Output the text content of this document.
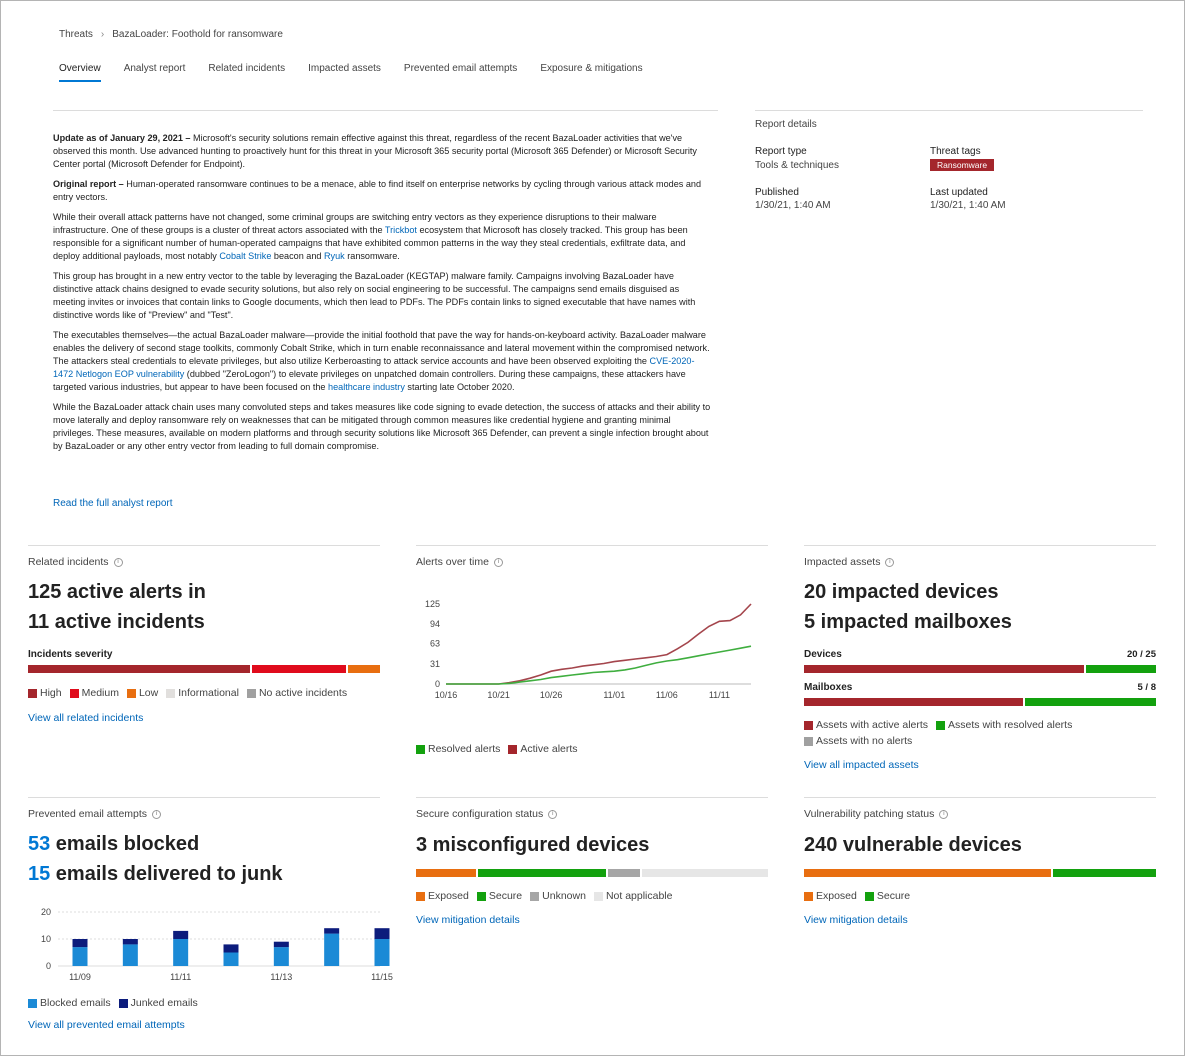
Threats › BazaLoader: Foothold for ransomware
Overview Analyst report Related incidents Impacted assets Prevented email attempts Exposure & mitigations

Update as of January 29, 2021 – Microsoft's security solutions remain effective against this threat, regardless of the recent BazaLoader activities that we've observed this month. Use advanced hunting to proactively hunt for this threat in your Microsoft 365 security portal (Microsoft 365 Defender) or Microsoft Security Center portal (Microsoft Defender for Endpoint).

Original report – Human-operated ransomware continues to be a menace, able to find itself on enterprise networks by cycling through various attack modes and entry vectors.

While their overall attack patterns have not changed, some criminal groups are switching entry vectors as they experience disruptions to their malware infrastructure. One of these groups is a cluster of threat actors associated with the Trickbot ecosystem that Microsoft has closely tracked. This group has been responsible for a significant number of human-operated campaigns that have exhibited common patterns in the way they steal credentials, exfiltrate data, and deploy additional payloads, most notably Cobalt Strike beacon and Ryuk ransomware.

This group has brought in a new entry vector to the table by leveraging the BazaLoader (KEGTAP) malware family. Campaigns involving BazaLoader have distinctive attack chains designed to evade security solutions, but also rely on social engineering to be successful. The campaigns send emails disguised as meeting invites or invoices that contain links to Google documents, which then lead to PDFs. The PDFs contain links to signed executable that have names with distinctive words like of "Preview" and "Test".

The executables themselves—the actual BazaLoader malware—provide the initial foothold that pave the way for hands-on-keyboard activity. BazaLoader malware enables the delivery of second stage toolkits, commonly Cobalt Strike, which in turn enable reconnaissance and lateral movement within the compromised network. The attackers steal credentials to elevate privileges, but also utilize Kerberoasting to attack service accounts and have been observed exploiting the CVE-2020-1472 Netlogon EOP vulnerability (dubbed "ZeroLogon") to elevate privileges on unpatched domain controllers. During these campaigns, these attackers have targeted various industries, but appear to have been focused on the healthcare industry starting late October 2020.

While the BazaLoader attack chain uses many convoluted steps and takes measures like code signing to evade detection, the success of attacks and their ability to move laterally and deploy ransomware rely on weaknesses that can be mitigated through common measures like credential hygiene and granting minimal privileges. These measures, available on modern platforms and through security solutions like Microsoft 365 Defender, can prevent a single infection brought about by BazaLoader or any other entry vector from leading to full domain compromise.

Read the full analyst report
Report details
Report type
Tools & techniques
Threat tags
Ransomware
Published
1/30/21, 1:40 AM
Last updated
1/30/21, 1:40 AM
Related incidents	i
125 active alerts in
11 active incidents
Incidents severity
High Medium Low Informational No active incidents
View all related incidents
Alerts over time	i
0
31
63
94
125
10/16	10/21	10/26	11/01	11/06	11/11
Resolved alerts Active alerts
Impacted assets	i
20 impacted devices
5 impacted mailboxes
Devices	20 / 25
Mailboxes	5 / 8
Assets with active alerts Assets with resolved alerts
Assets with no alerts
View all impacted assets
Prevented email attempts	i
53 emails blocked
15 emails delivered to junk
0
10
20
11/09	11/11	11/13	11/15
Blocked emails Junked emails
View all prevented email attempts
Secure configuration status	i
3 misconfigured devices
Exposed Secure Unknown Not applicable
View mitigation details
Vulnerability patching status	i
240 vulnerable devices
Exposed Secure
View mitigation details
